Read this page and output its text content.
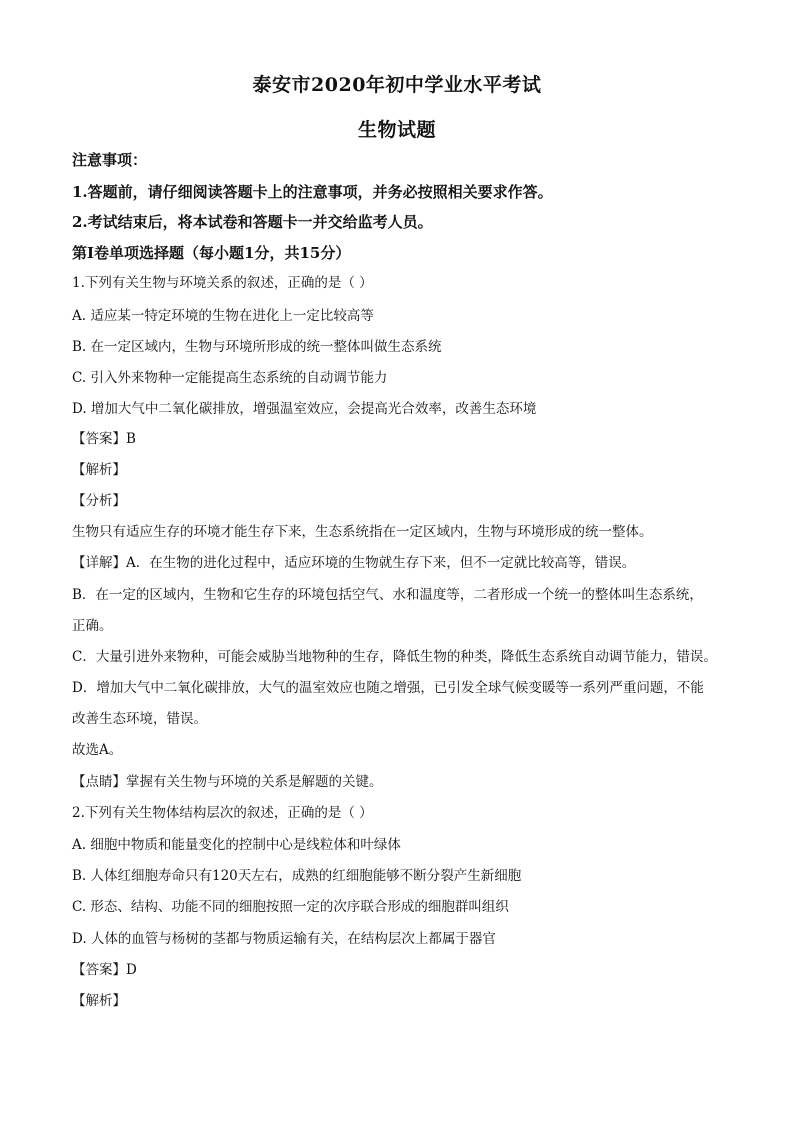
泰安市2020年初中学业水平考试
生物试题
注意事项：
1.答题前，请仔细阅读答题卡上的注意事项，并务必按照相关要求作答。
2.考试结束后，将本试卷和答题卡一并交给监考人员。
第Ⅰ卷单项选择题（每小题1分，共15分）
1.下列有关生物与环境关系的叙述，正确的是（ ）
A. 适应某一特定环境的生物在进化上一定比较高等
B. 在一定区域内，生物与环境所形成的统一整体叫做生态系统
C. 引入外来物种一定能提高生态系统的自动调节能力
D. 增加大气中二氧化碳排放，增强温室效应，会提高光合效率，改善生态环境
【答案】B
【解析】
【分析】
生物只有适应生存的环境才能生存下来，生态系统指在一定区域内，生物与环境形成的统一整体。
【详解】A．在生物的进化过程中，适应环境的生物就生存下来，但不一定就比较高等，错误。
B．在一定的区域内，生物和它生存的环境包括空气、水和温度等，二者形成一个统一的整体叫生态系统，
正确。
C．大量引进外来物种，可能会威胁当地物种的生存，降低生物的种类，降低生态系统自动调节能力，错误。
D．增加大气中二氧化碳排放，大气的温室效应也随之增强，已引发全球气候变暖等一系列严重问题，不能
改善生态环境，错误。
故选A。
【点睛】掌握有关生物与环境的关系是解题的关键。
2.下列有关生物体结构层次的叙述，正确的是（ ）
A. 细胞中物质和能量变化的控制中心是线粒体和叶绿体
B. 人体红细胞寿命只有120天左右，成熟的红细胞能够不断分裂产生新细胞
C. 形态、结构、功能不同的细胞按照一定的次序联合形成的细胞群叫组织
D. 人体的血管与杨树的茎都与物质运输有关，在结构层次上都属于器官
【答案】D
【解析】
